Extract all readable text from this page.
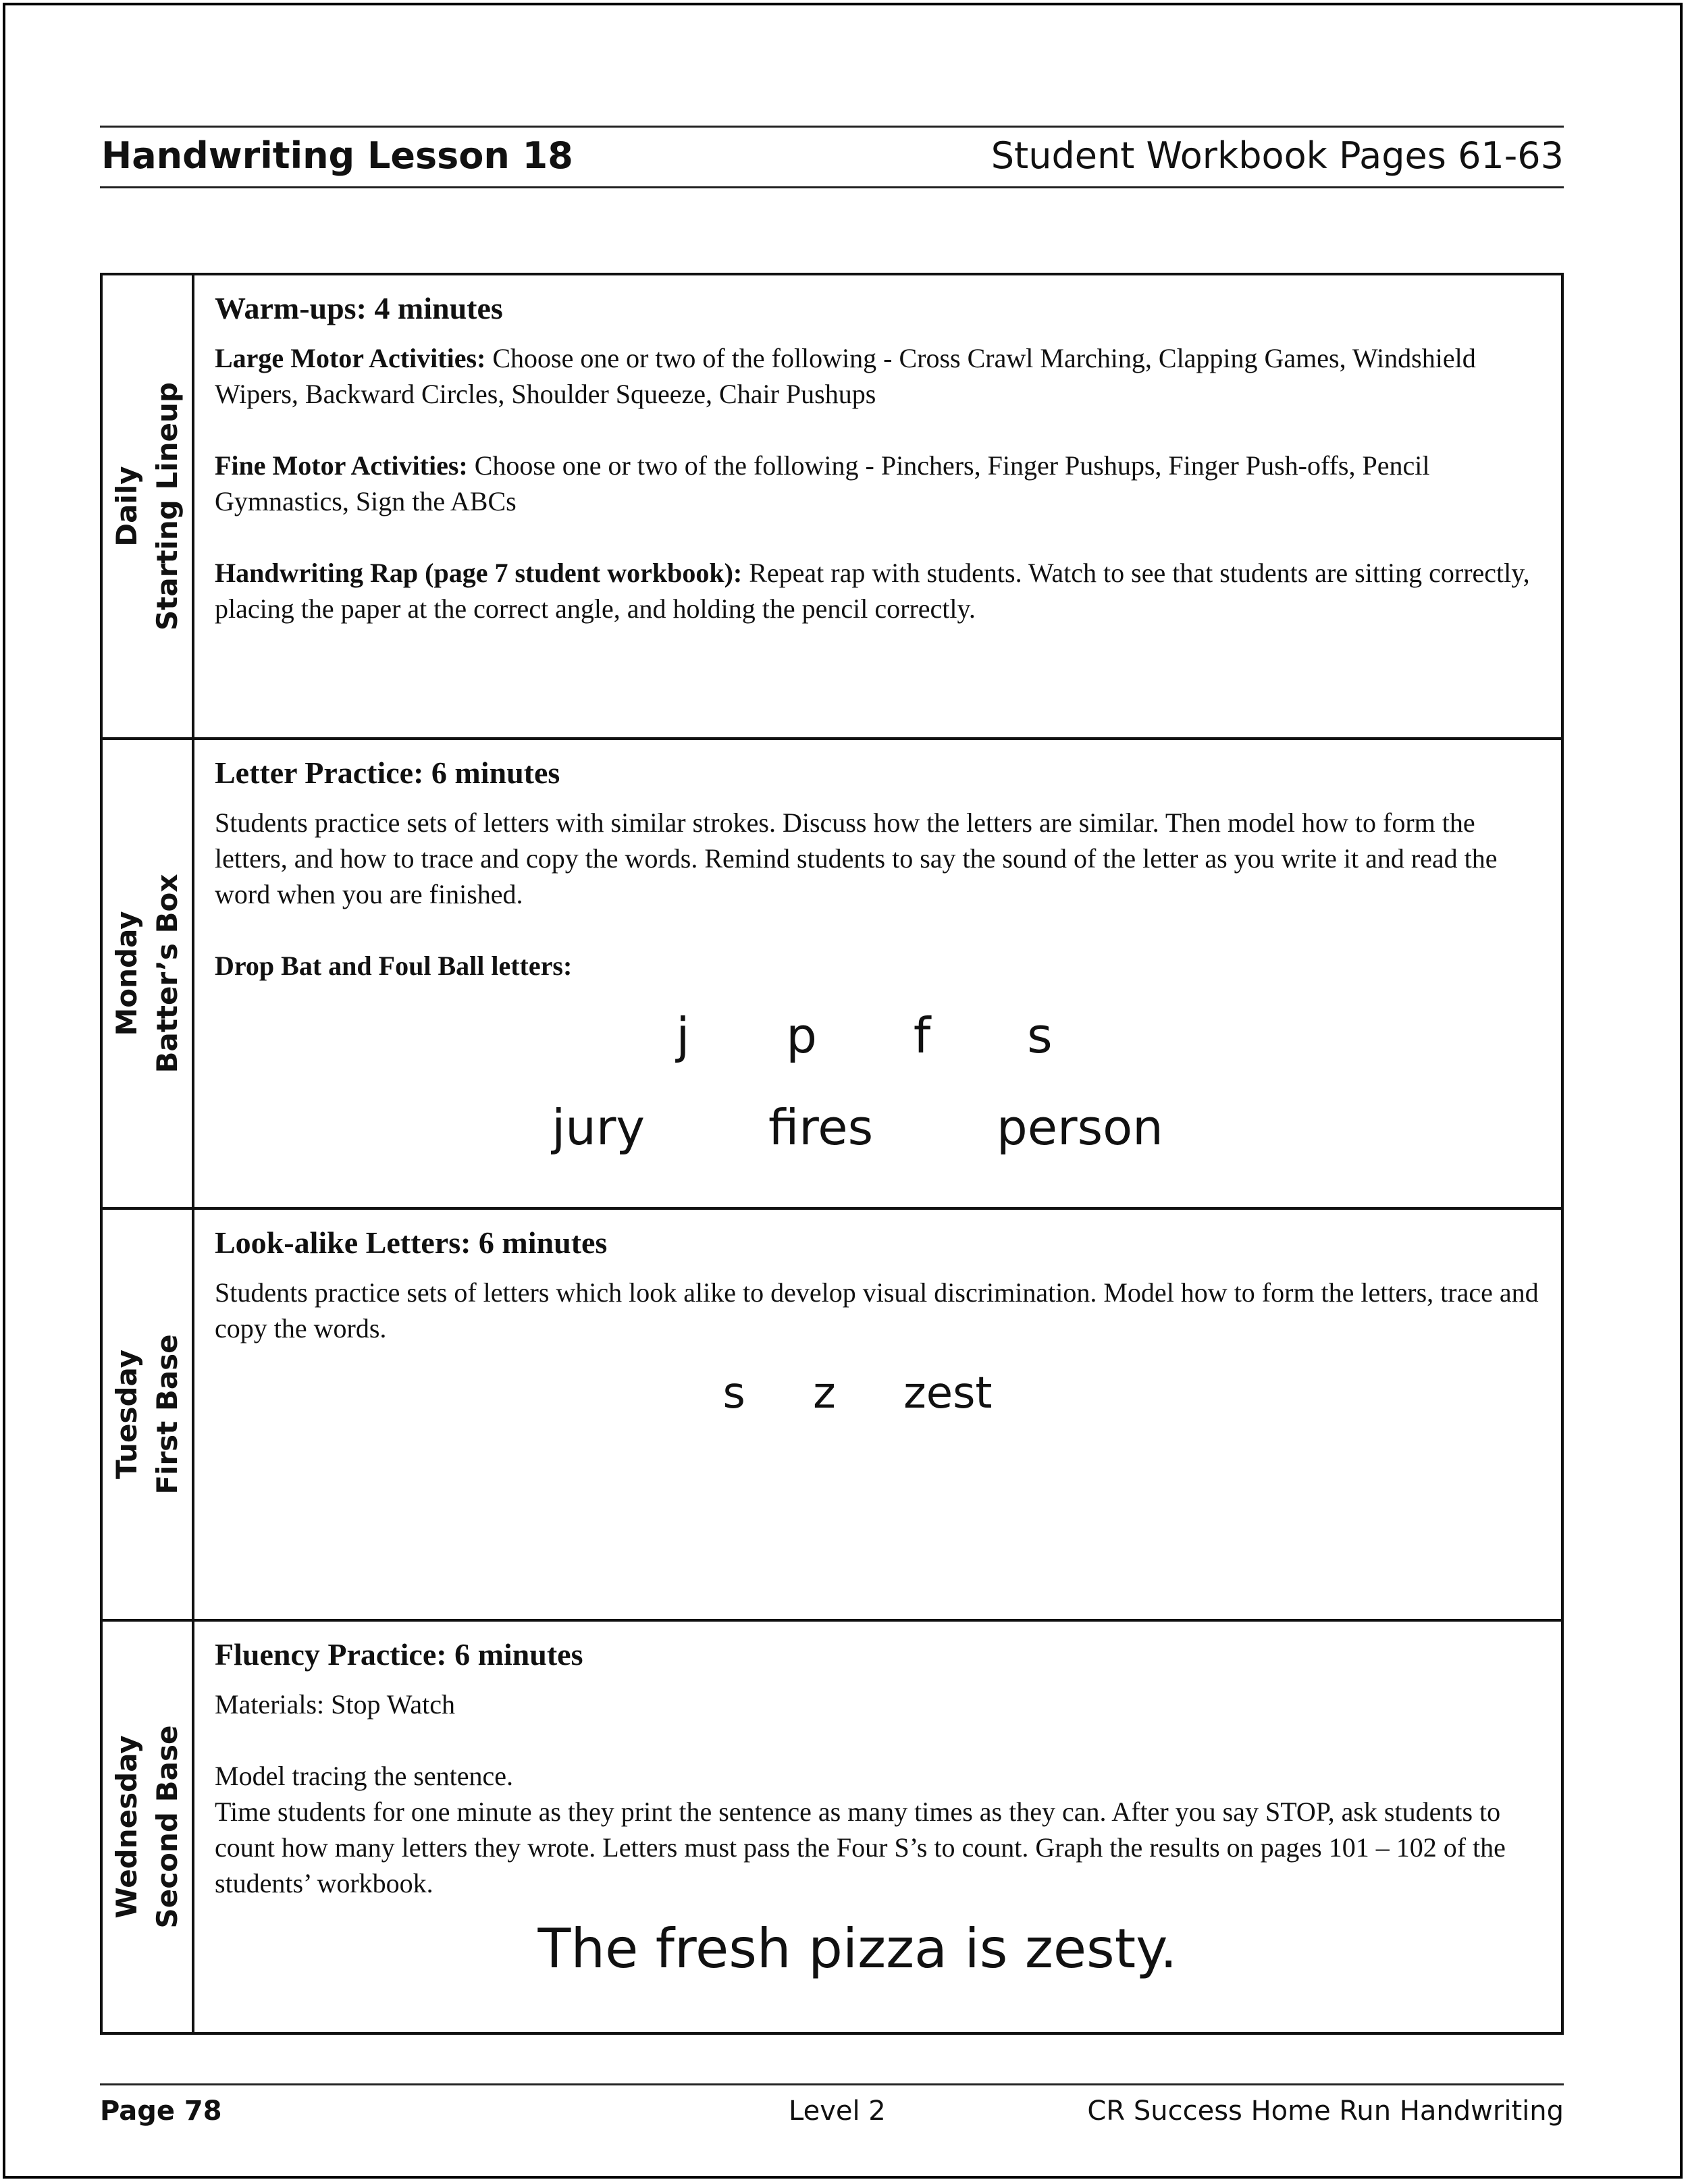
Handwriting Lesson 18	Student Workbook Pages 61-63
Daily Starting Lineup
Warm-ups: 4 minutes

Large Motor Activities: Choose one or two of the following - Cross Crawl Marching, Clapping Games, Windshield Wipers, Backward Circles, Shoulder Squeeze, Chair Pushups

Fine Motor Activities: Choose one or two of the following - Pinchers, Finger Pushups, Finger Push-offs, Pencil Gymnastics, Sign the ABCs

Handwriting Rap (page 7 student workbook): Repeat rap with students. Watch to see that students are sitting correctly, placing the paper at the correct angle, and holding the pencil correctly.

Monday Batter’s Box
Letter Practice: 6 minutes

Students practice sets of letters with similar strokes. Discuss how the letters are similar. Then model how to form the letters, and how to trace and copy the words. Remind students to say the sound of the letter as you write it and read the word when you are finished.

Drop Bat and Foul Ball letters:

j p f s
jury	fires	person
Tuesday First Base
Look-alike Letters: 6 minutes

Students practice sets of letters which look alike to develop visual discrimination. Model how to form the letters, trace and copy the words.

s z zest
Wednesday Second Base
Fluency Practice: 6 minutes

Materials: Stop Watch

Model tracing the sentence.

Time students for one minute as they print the sentence as many times as they can. After you say STOP, ask students to count how many letters they wrote. Letters must pass the Four S’s to count. Graph the results on pages 101 – 102 of the students’ workbook.

The fresh pizza is zesty.
Page 78	Level 2	CR Success Home Run Handwriting
